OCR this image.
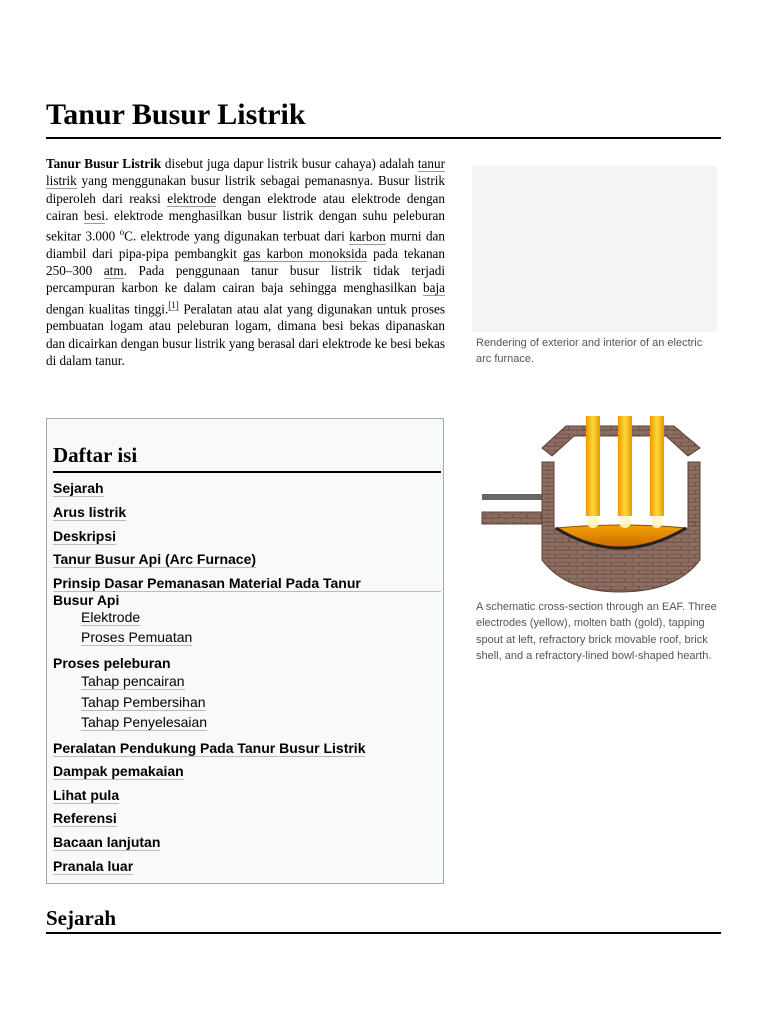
Tanur Busur Listrik

Tanur Busur Listrik disebut juga dapur listrik busur cahaya) adalah tanur listrik yang menggunakan busur listrik sebagai pemanasnya. Busur listrik diperoleh dari reaksi elektrode dengan elektrode atau elektrode dengan cairan besi. elektrode menghasilkan busur listrik dengan suhu peleburan sekitar 3.000 $^o$C. elektrode yang digunakan terbuat dari karbon murni dan diambil dari pipa-pipa pembangkit gas karbon monoksida pada tekanan 250–300 atm. Pada penggunaan tanur busur listrik tidak terjadi percampuran karbon ke dalam cairan baja sehingga menghasilkan baja dengan kualitas tinggi.[1] Peralatan atau alat yang digunakan untuk proses pembuatan logam atau peleburan logam, dimana besi bekas dipanaskan dan dicairkan dengan busur listrik yang berasal dari elektrode ke besi bekas di dalam tanur.

Daftar isi
Sejarah
Arus listrik
Deskripsi
Tanur Busur Api (Arc Furnace)
Prinsip Dasar Pemanasan Material Pada Tanur
Busur Api
Elektrode
Proses Pemuatan
Proses peleburan
Tahap pencairan
Tahap Pembersihan
Tahap Penyelesaian
Peralatan Pendukung Pada Tanur Busur Listrik
Dampak pemakaian
Lihat pula
Referensi
Bacaan lanjutan
Pranala luar

Rendering of exterior and interior of an electric arc furnace.

A schematic cross-section through an EAF. Three electrodes (yellow), molten bath (gold), tapping spout at left, refractory brick movable roof, brick shell, and a refractory-lined bowl-shaped hearth.

Sejarah
